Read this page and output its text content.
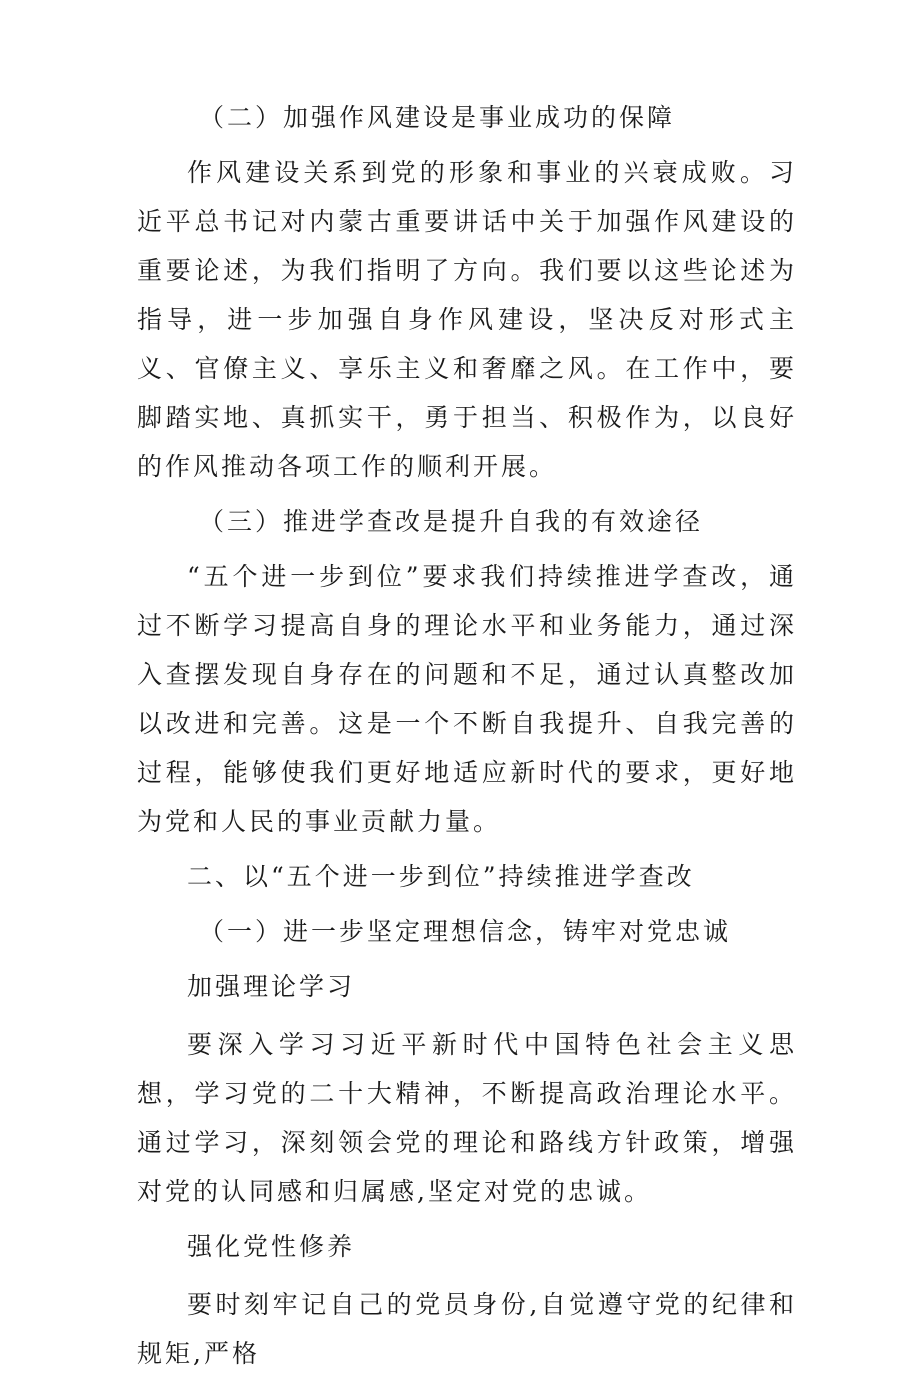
（二）加强作风建设是事业成功的保障

作风建设关系到党的形象和事业的兴衰成败。习近平总书记对内蒙古重要讲话中关于加强作风建设的重要论述，为我们指明了方向。我们要以这些论述为指导，进一步加强自身作风建设，坚决反对形式主义、官僚主义、享乐主义和奢靡之风。在工作中，要脚踏实地、真抓实干，勇于担当、积极作为，以良好的作风推动各项工作的顺利开展。

（三）推进学查改是提升自我的有效途径

“五个进一步到位”要求我们持续推进学查改，通过不断学习提高自身的理论水平和业务能力，通过深入查摆发现自身存在的问题和不足，通过认真整改加以改进和完善。这是一个不断自我提升、自我完善的过程，能够使我们更好地适应新时代的要求，更好地为党和人民的事业贡献力量。

二、以“五个进一步到位”持续推进学查改

（一）进一步坚定理想信念，铸牢对党忠诚

加强理论学习

要深入学习习近平新时代中国特色社会主义思想，学习党的二十大精神，不断提高政治理论水平。通过学习，深刻领会党的理论和路线方针政策，增强对党的认同感和归属感,坚定对党的忠诚。

强化党性修养

要时刻牢记自己的党员身份,自觉遵守党的纪律和规矩,严格
